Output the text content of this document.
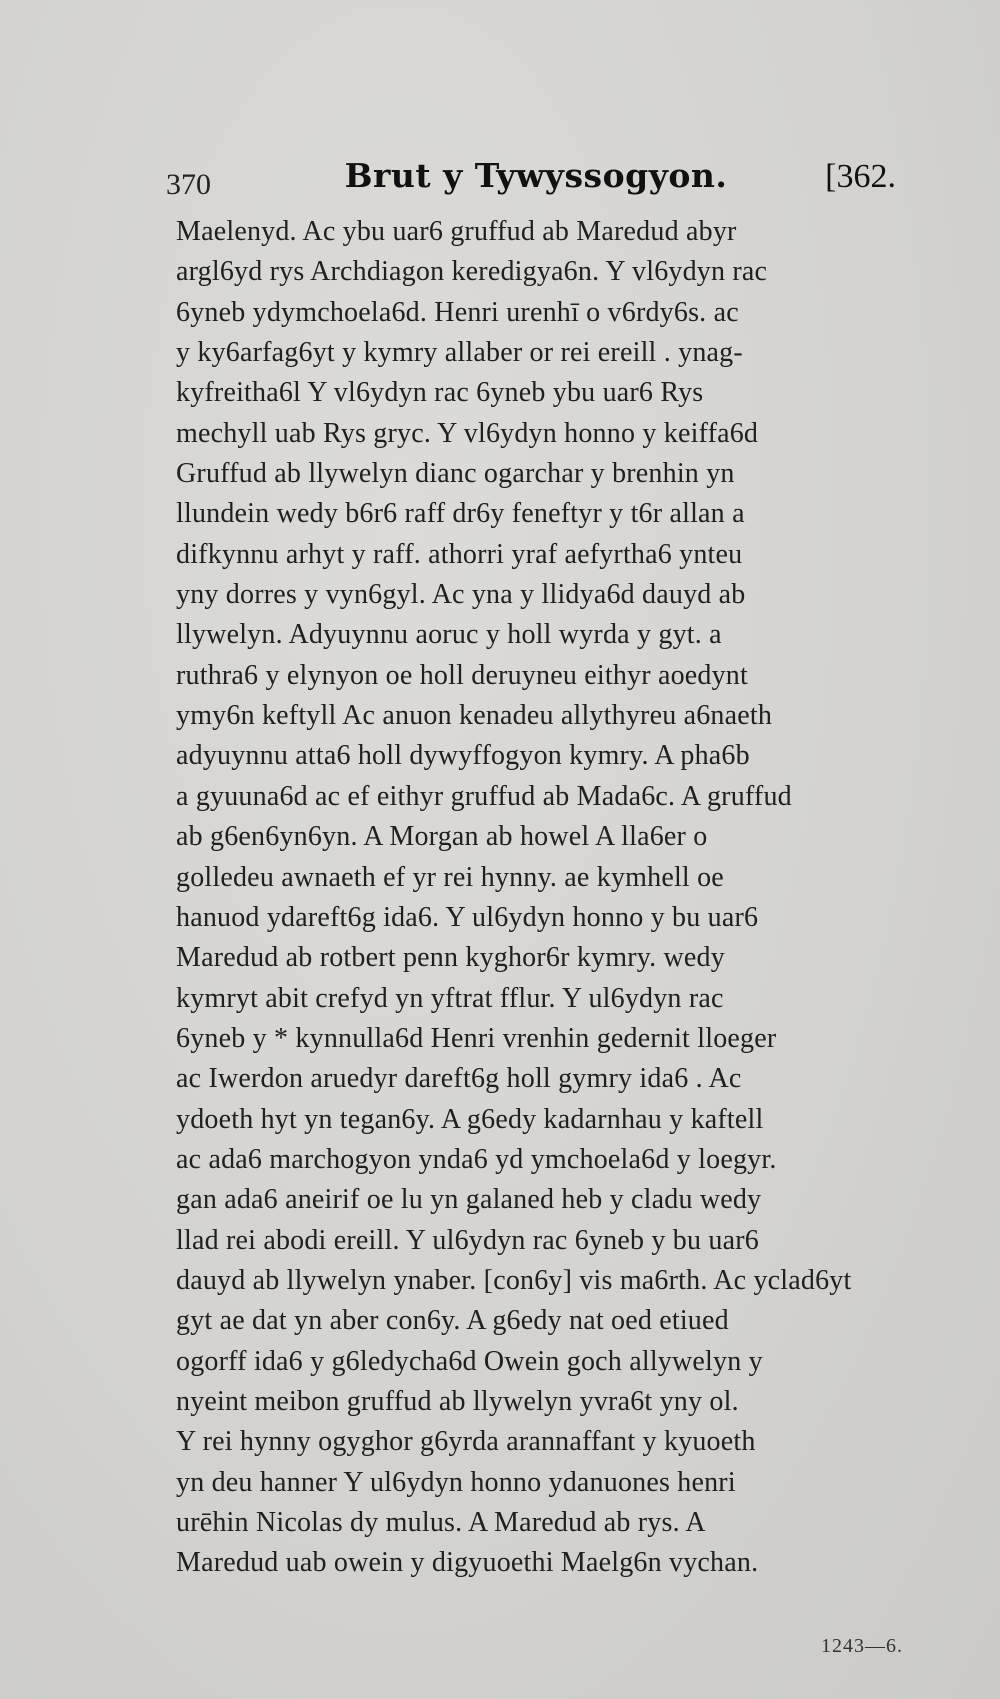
370	Brut y Tywyssogyon.	[362.
Maelenyd. Ac ybu uar6 gruffud ab Maredud abyr
argl6yd rys Archdiagon keredigya6n. Y vl6ydyn rac
6yneb ydymchoela6d. Henri urenhī o v6rdy6s. ac
y ky6arfag6yt y kymry allaber or rei ereill . ynag-
kyfreitha6l Y vl6ydyn rac 6yneb ybu uar6 Rys
mechyll uab Rys gryc. Y vl6ydyn honno y keiffa6d
Gruffud ab llywelyn dianc ogarchar y brenhin yn
llundein wedy b6r6 raff dr6y feneftyr y t6r allan a
difkynnu arhyt y raff. athorri yraf aefyrtha6 ynteu
yny dorres y vyn6gyl. Ac yna y llidya6d dauyd ab
llywelyn. Adyuynnu aoruc y holl wyrda y gyt. a
ruthra6 y elynyon oe holl deruyneu eithyr aoedynt
ymy6n keftyll Ac anuon kenadeu allythyreu a6naeth
adyuynnu atta6 holl dywyffogyon kymry. A pha6b
a gyuuna6d ac ef eithyr gruffud ab Mada6c. A gruffud
ab g6en6yn6yn. A Morgan ab howel A lla6er o
golledeu awnaeth ef yr rei hynny. ae kymhell oe
hanuod ydareft6g ida6. Y ul6ydyn honno y bu uar6
Maredud ab rotbert penn kyghor6r kymry. wedy
kymryt abit crefyd yn yftrat fflur. Y ul6ydyn rac
6yneb y * kynnulla6d Henri vrenhin gedernit lloeger
ac Iwerdon aruedyr dareft6g holl gymry ida6 . Ac
ydoeth hyt yn tegan6y. A g6edy kadarnhau y kaftell
ac ada6 marchogyon ynda6 yd ymchoela6d y loegyr.
gan ada6 aneirif oe lu yn galaned heb y cladu wedy
llad rei abodi ereill. Y ul6ydyn rac 6yneb y bu uar6
dauyd ab llywelyn ynaber. [con6y] vis ma6rth. Ac yclad6yt
gyt ae dat yn aber con6y. A g6edy nat oed etiued
ogorff ida6 y g6ledycha6d Owein goch allywelyn y
nyeint meibon gruffud ab llywelyn yvra6t yny ol.
Y rei hynny ogyghor g6yrda arannaffant y kyuoeth
yn deu hanner Y ul6ydyn honno ydanuones henri
urēhin Nicolas dy mulus. A Maredud ab rys. A
Maredud uab owein y digyuoethi Maelg6n vychan.
1243—6.
